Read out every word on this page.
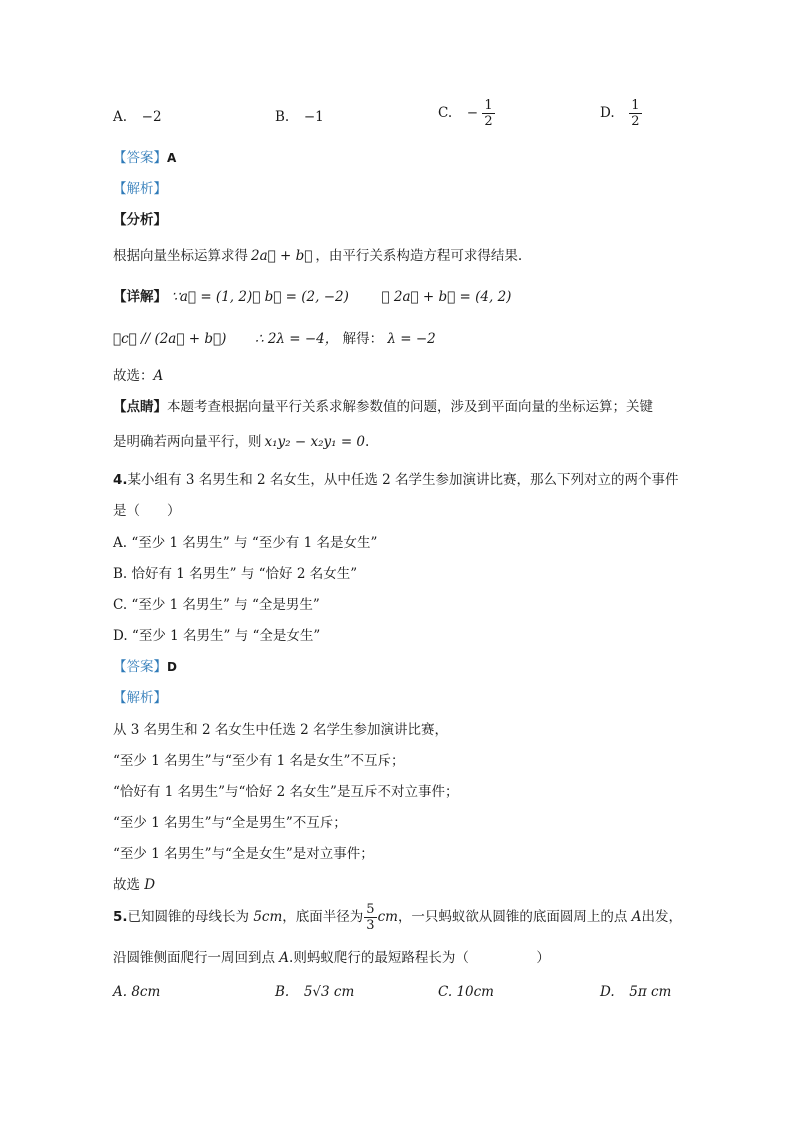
A. −2	B. −1	C. − $\frac{1}{2}$	D. $\frac{1}{2}$
【答案】A
【解析】
【分析】
根据向量坐标运算求得 2a⃗ + b⃗ ，由平行关系构造方程可求得结果.
【详解】 ∵a⃗ = (1, 2)， b⃗ = (2, −2) ∴ 2a⃗ + b⃗ = (4, 2)
∵c⃗ // (2a⃗ + b⃗) ∴ 2λ = −4， 解得： λ = −2
故选：A
【点睛】本题考查根据向量平行关系求解参数值的问题，涉及到平面向量的坐标运算；关键
是明确若两向量平行，则 x₁y₂ − x₂y₁ = 0.
4.某小组有 3 名男生和 2 名女生，从中任选 2 名学生参加演讲比赛，那么下列对立的两个事件
是（　　）
A. “至少 1 名男生” 与 “至少有 1 名是女生”
B. 恰好有 1 名男生” 与 “恰好 2 名女生”
C. “至少 1 名男生” 与 “全是男生”
D. “至少 1 名男生” 与 “全是女生”
【答案】D
【解析】
从 3 名男生和 2 名女生中任选 2 名学生参加演讲比赛，
“至少 1 名男生”与“至少有 1 名是女生”不互斥；
“恰好有 1 名男生”与“恰好 2 名女生”是互斥不对立事件；
“至少 1 名男生”与“全是男生”不互斥；
“至少 1 名男生”与“全是女生”是对立事件；
故选 D
5.已知圆锥的母线长为 5cm，底面半径为 $\frac{5}{3}$ cm，一只蚂蚁欲从圆锥的底面圆周上的点 A出发，
沿圆锥侧面爬行一周回到点 A.则蚂蚁爬行的最短路程长为（　　　　　）
A. 8cm	B. 5√3 cm	C. 10cm	D. 5π cm
